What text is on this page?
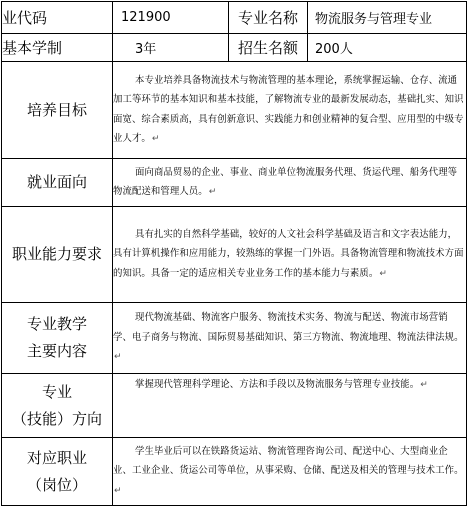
业代码	121900	专业名称	物流服务与管理专业
基本学制	3年	招生名额	200人

培养目标	本专业培养具备物流技术与物流管理的基本理论，系统掌握运输、仓存、流通加工等环节的基本知识和基本技能，了解物流专业的最新发展动态，基础扎实、知识面宽、综合素质高，具有创新意识、实践能力和创业精神的复合型、应用型的中级专业人才。↵		

就业面向	面向商品贸易的企业、事业、商业单位物流服务代理、货运代理、船务代理等物流配送和管理人员。↵		

职业能力要求	具有扎实的自然科学基础，较好的人文社会科学基础及语言和文字表达能力，具有计算机操作和应用能力，较熟练的掌握一门外语。具备物流管理和物流技术方面的知识。具备一定的适应相关专业业务工作的基本能力与素质。↵		

专业教学
主要内容	现代物流基础、物流客户服务、物流技术实务、物流与配送、物流市场营销学、电子商务与物流、国际贸易基础知识、第三方物流、物流地理、物流法律法规。↵		

专业
（技能）方向	掌握现代管理科学理论、方法和手段以及物流服务与管理专业技能。↵		

对应职业
（岗位）	学生毕业后可以在铁路货运站、物流管理咨询公司、配送中心、大型商业企业、工业企业、货运公司等单位，从事采购、仓储、配送及相关的管理与技术工作。↵		
